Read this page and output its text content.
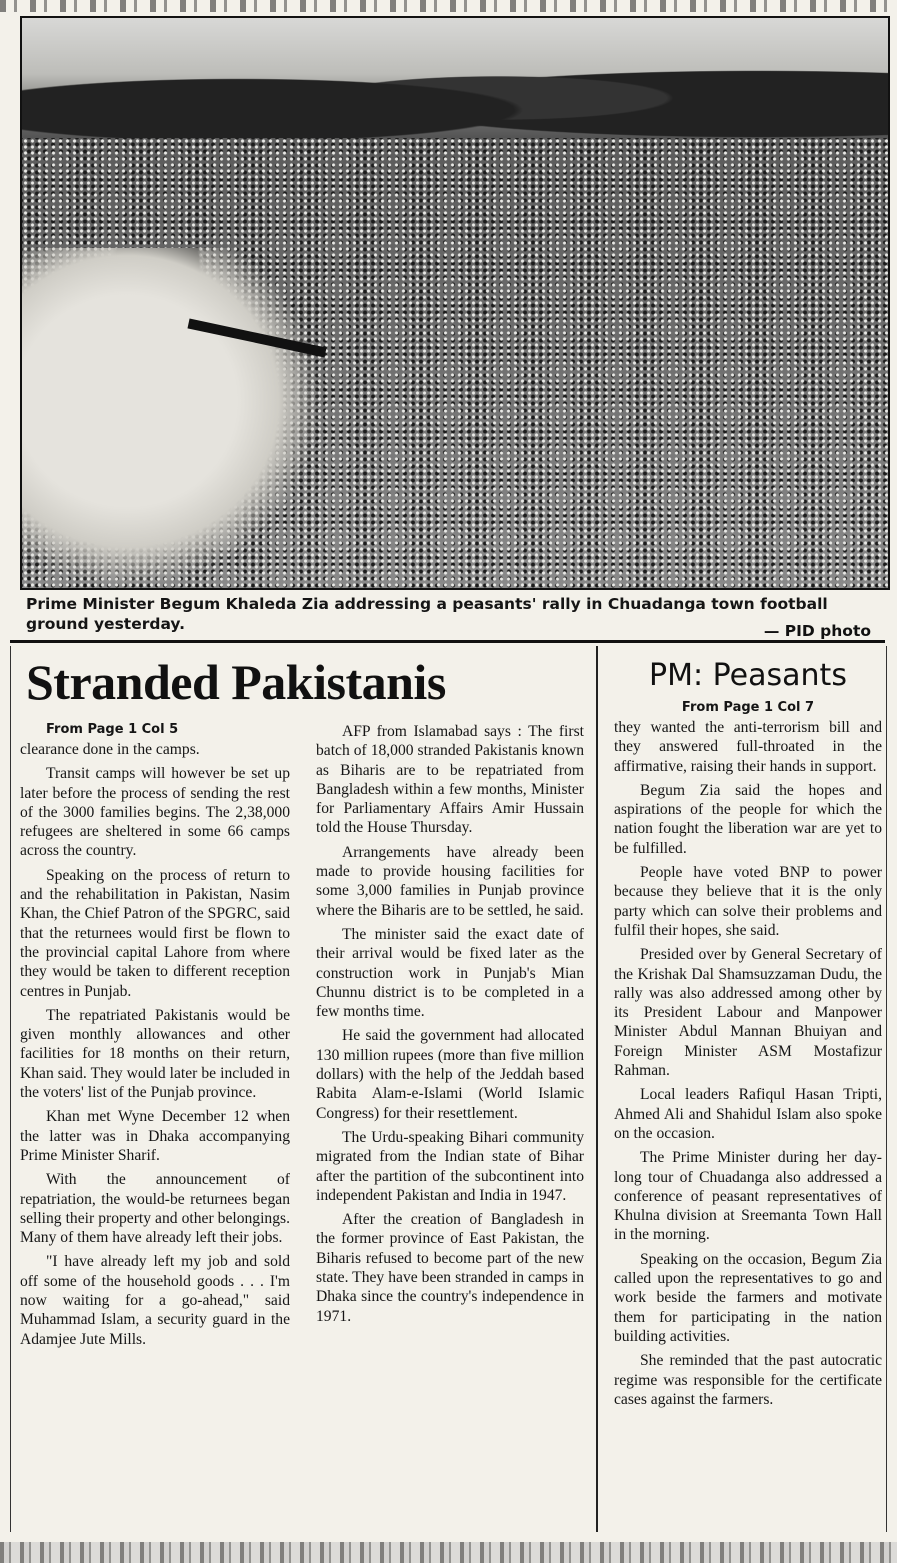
Prime Minister Begum Khaleda Zia addressing a peasants' rally in Chuadanga town football ground yesterday.	— PID photo
Stranded Pakistanis
From Page 1 Col 5

clearance done in the camps.

Transit camps will however be set up later before the process of sending the rest of the 3000 families begins. The 2,38,000 refugees are sheltered in some 66 camps across the country.

Speaking on the process of return to and the rehabilitation in Pakistan, Nasim Khan, the Chief Patron of the SPGRC, said that the returnees would first be flown to the provincial capital Lahore from where they would be taken to different reception centres in Punjab.

The repatriated Pakistanis would be given monthly allowances and other facilities for 18 months on their return, Khan said. They would later be included in the voters' list of the Punjab province.

Khan met Wyne December 12 when the latter was in Dhaka accompanying Prime Minister Sharif.

With the announcement of repatriation, the would-be returnees began selling their property and other belongings. Many of them have already left their jobs.

"I have already left my job and sold off some of the household goods . . . I'm now waiting for a go-ahead," said Muhammad Islam, a security guard in the Adamjee Jute Mills.

AFP from Islamabad says : The first batch of 18,000 stranded Pakistanis known as Biharis are to be repatriated from Bangladesh within a few months, Minister for Parliamentary Affairs Amir Hussain told the House Thursday.

Arrangements have already been made to provide housing facilities for some 3,000 families in Punjab province where the Biharis are to be settled, he said.

The minister said the exact date of their arrival would be fixed later as the construction work in Punjab's Mian Chunnu district is to be completed in a few months time.

He said the government had allocated 130 million rupees (more than five million dollars) with the help of the Jeddah based Rabita Alam-e-Islami (World Islamic Congress) for their resettlement.

The Urdu-speaking Bihari community migrated from the Indian state of Bihar after the partition of the subcontinent into independent Pakistan and India in 1947.

After the creation of Bangladesh in the former province of East Pakistan, the Biharis refused to become part of the new state. They have been stranded in camps in Dhaka since the country's independence in 1971.

PM: Peasants
From Page 1 Col 7

they wanted the anti-terrorism bill and they answered full-throated in the affirmative, raising their hands in support.

Begum Zia said the hopes and aspirations of the people for which the nation fought the liberation war are yet to be fulfilled.

People have voted BNP to power because they believe that it is the only party which can solve their problems and fulfil their hopes, she said.

Presided over by General Secretary of the Krishak Dal Shamsuzzaman Dudu, the rally was also addressed among other by its President Labour and Manpower Minister Abdul Mannan Bhuiyan and Foreign Minister ASM Mostafizur Rahman.

Local leaders Rafiqul Hasan Tripti, Ahmed Ali and Shahidul Islam also spoke on the occasion.

The Prime Minister during her day-long tour of Chuadanga also addressed a conference of peasant representatives of Khulna division at Sreemanta Town Hall in the morning.

Speaking on the occasion, Begum Zia called upon the representatives to go and work beside the farmers and motivate them for participating in the nation building activities.

She reminded that the past autocratic regime was responsible for the certificate cases against the farmers.
